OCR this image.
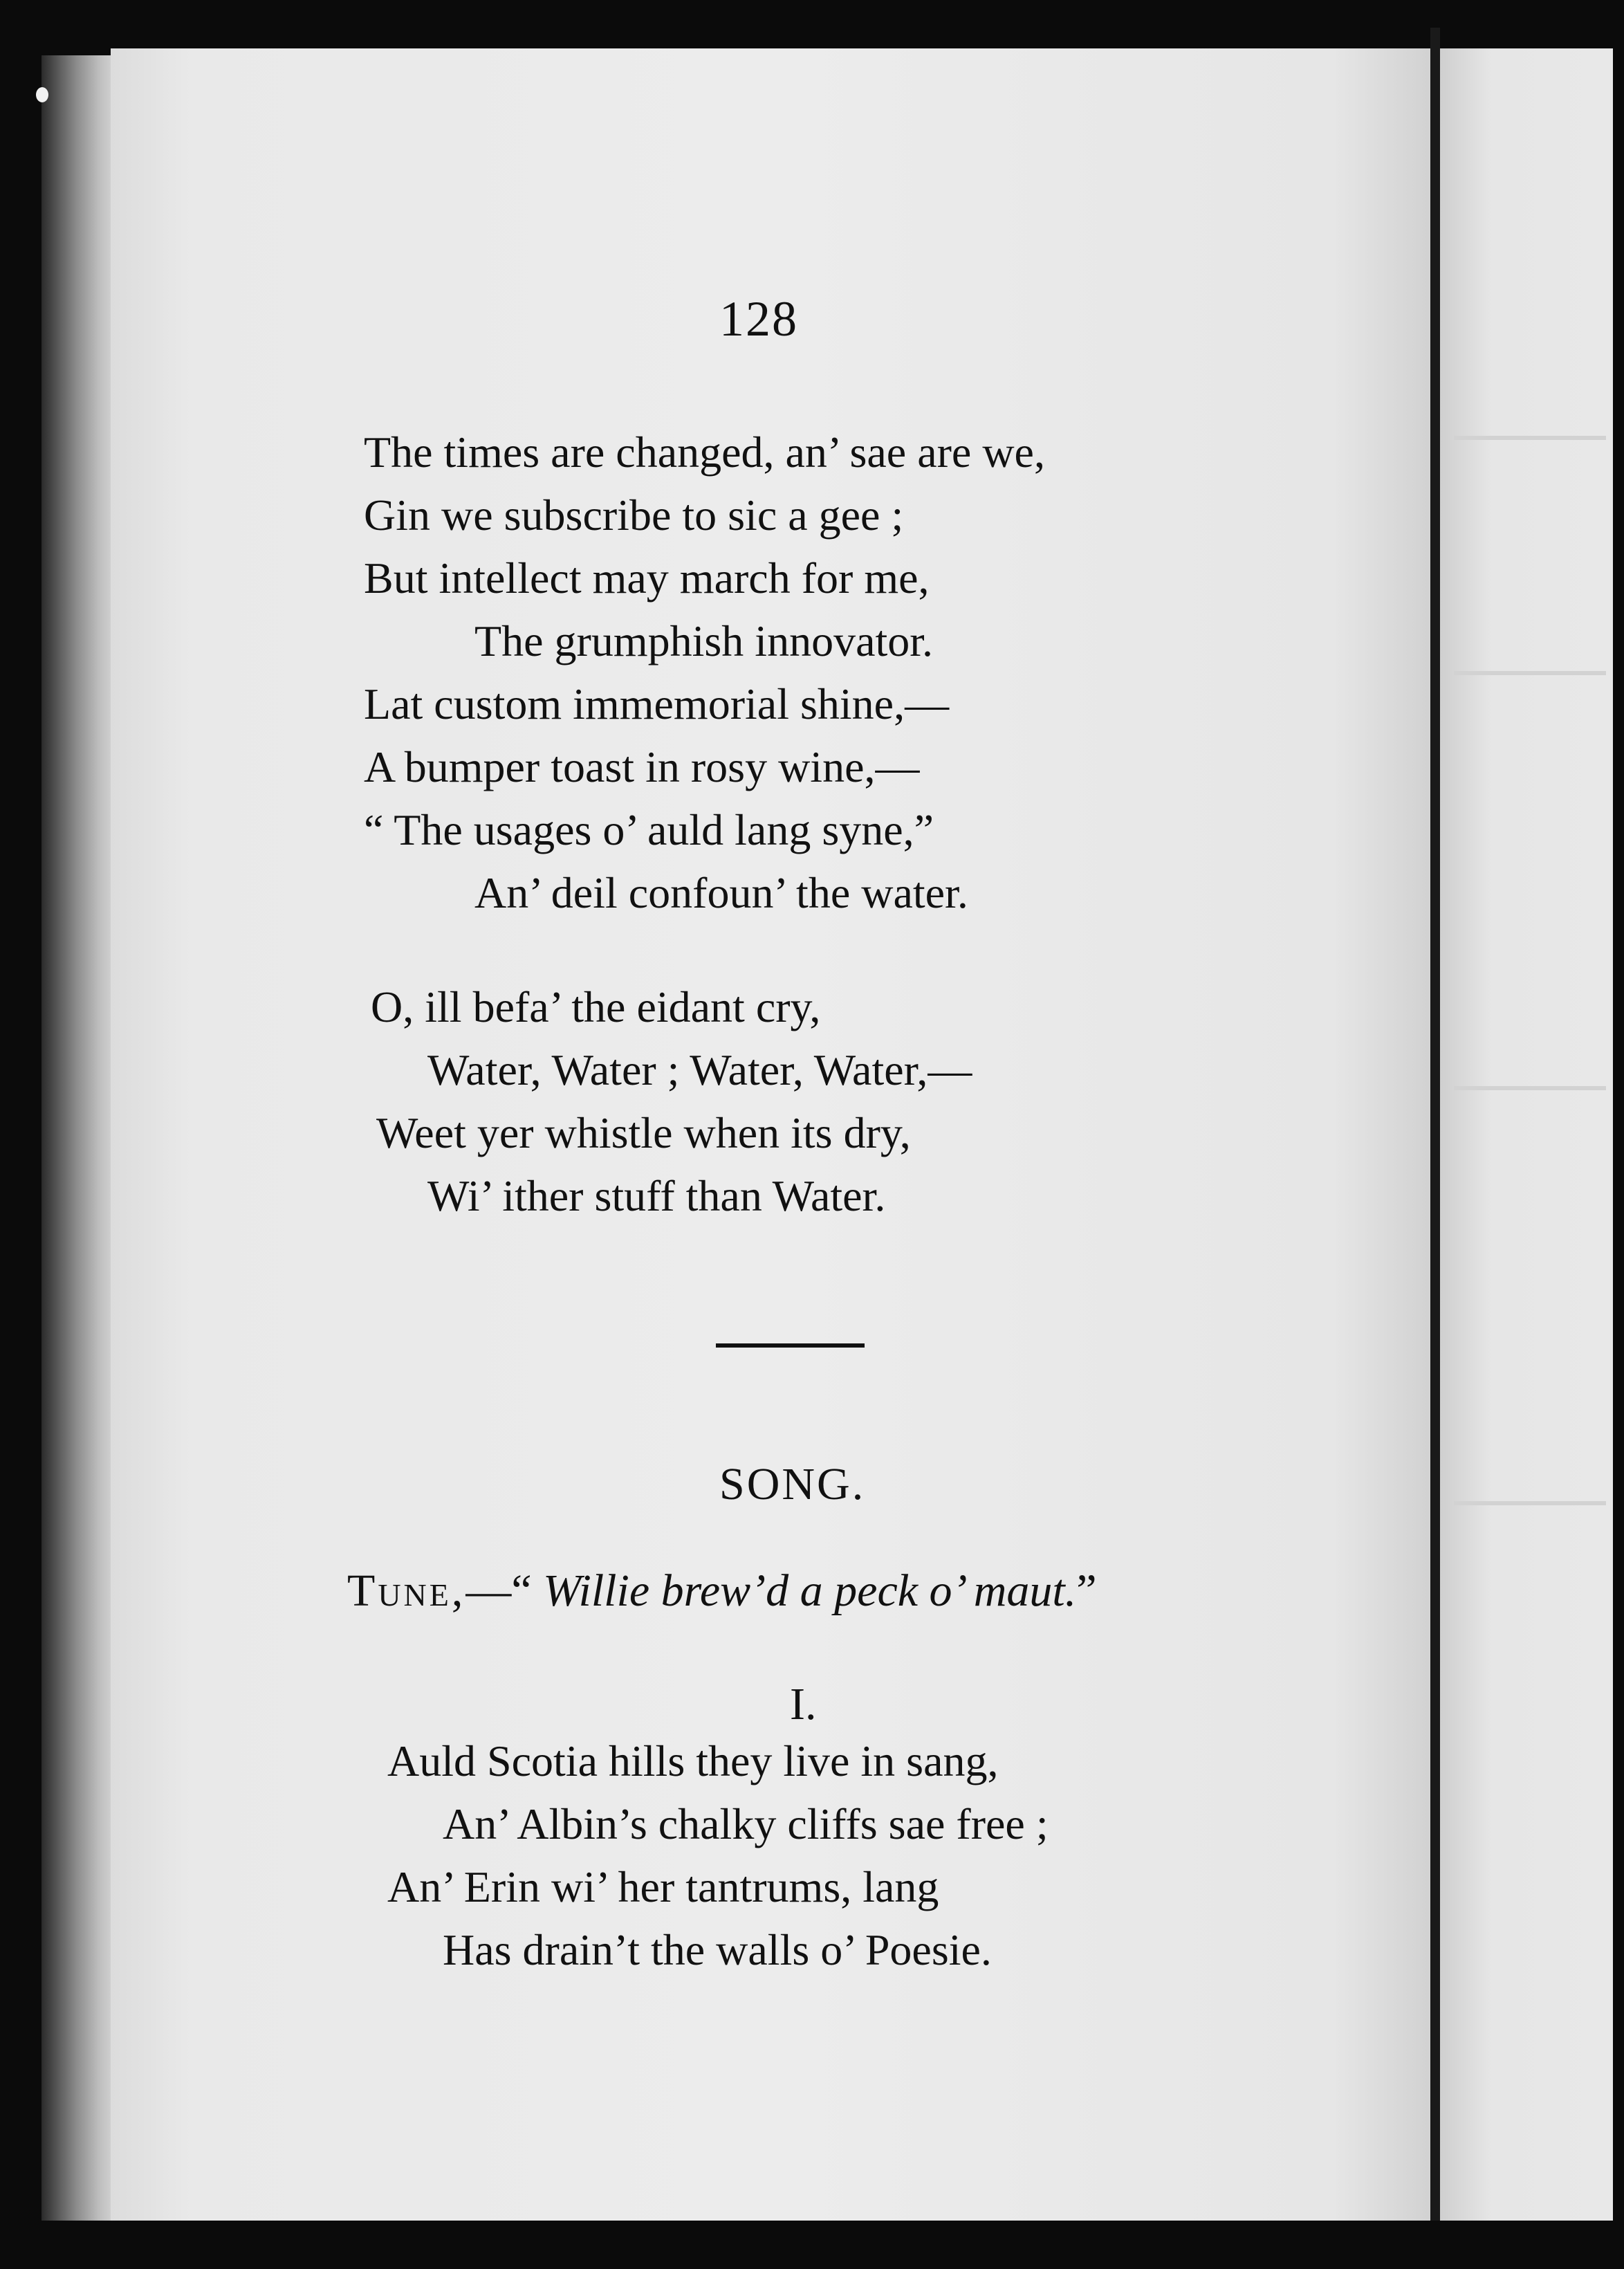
128
The times are changed, an’ sae are we,
Gin we subscribe to sic a gee ;
But intellect may march for me,
The grumphish innovator.
Lat custom immemorial shine,—
A bumper toast in rosy wine,—
“ The usages o’ auld lang syne,”
An’ deil confoun’ the water.
O, ill befa’ the eidant cry,
Water, Water ; Water, Water,—
Weet yer whistle when its dry,
Wi’ ither stuff than Water.
SONG.
Tune,—“ Willie brew’d a peck o’ maut.”
I.
Auld Scotia hills they live in sang,
An’ Albin’s chalky cliffs sae free ;
An’ Erin wi’ her tantrums, lang
Has drain’t the walls o’ Poesie.
